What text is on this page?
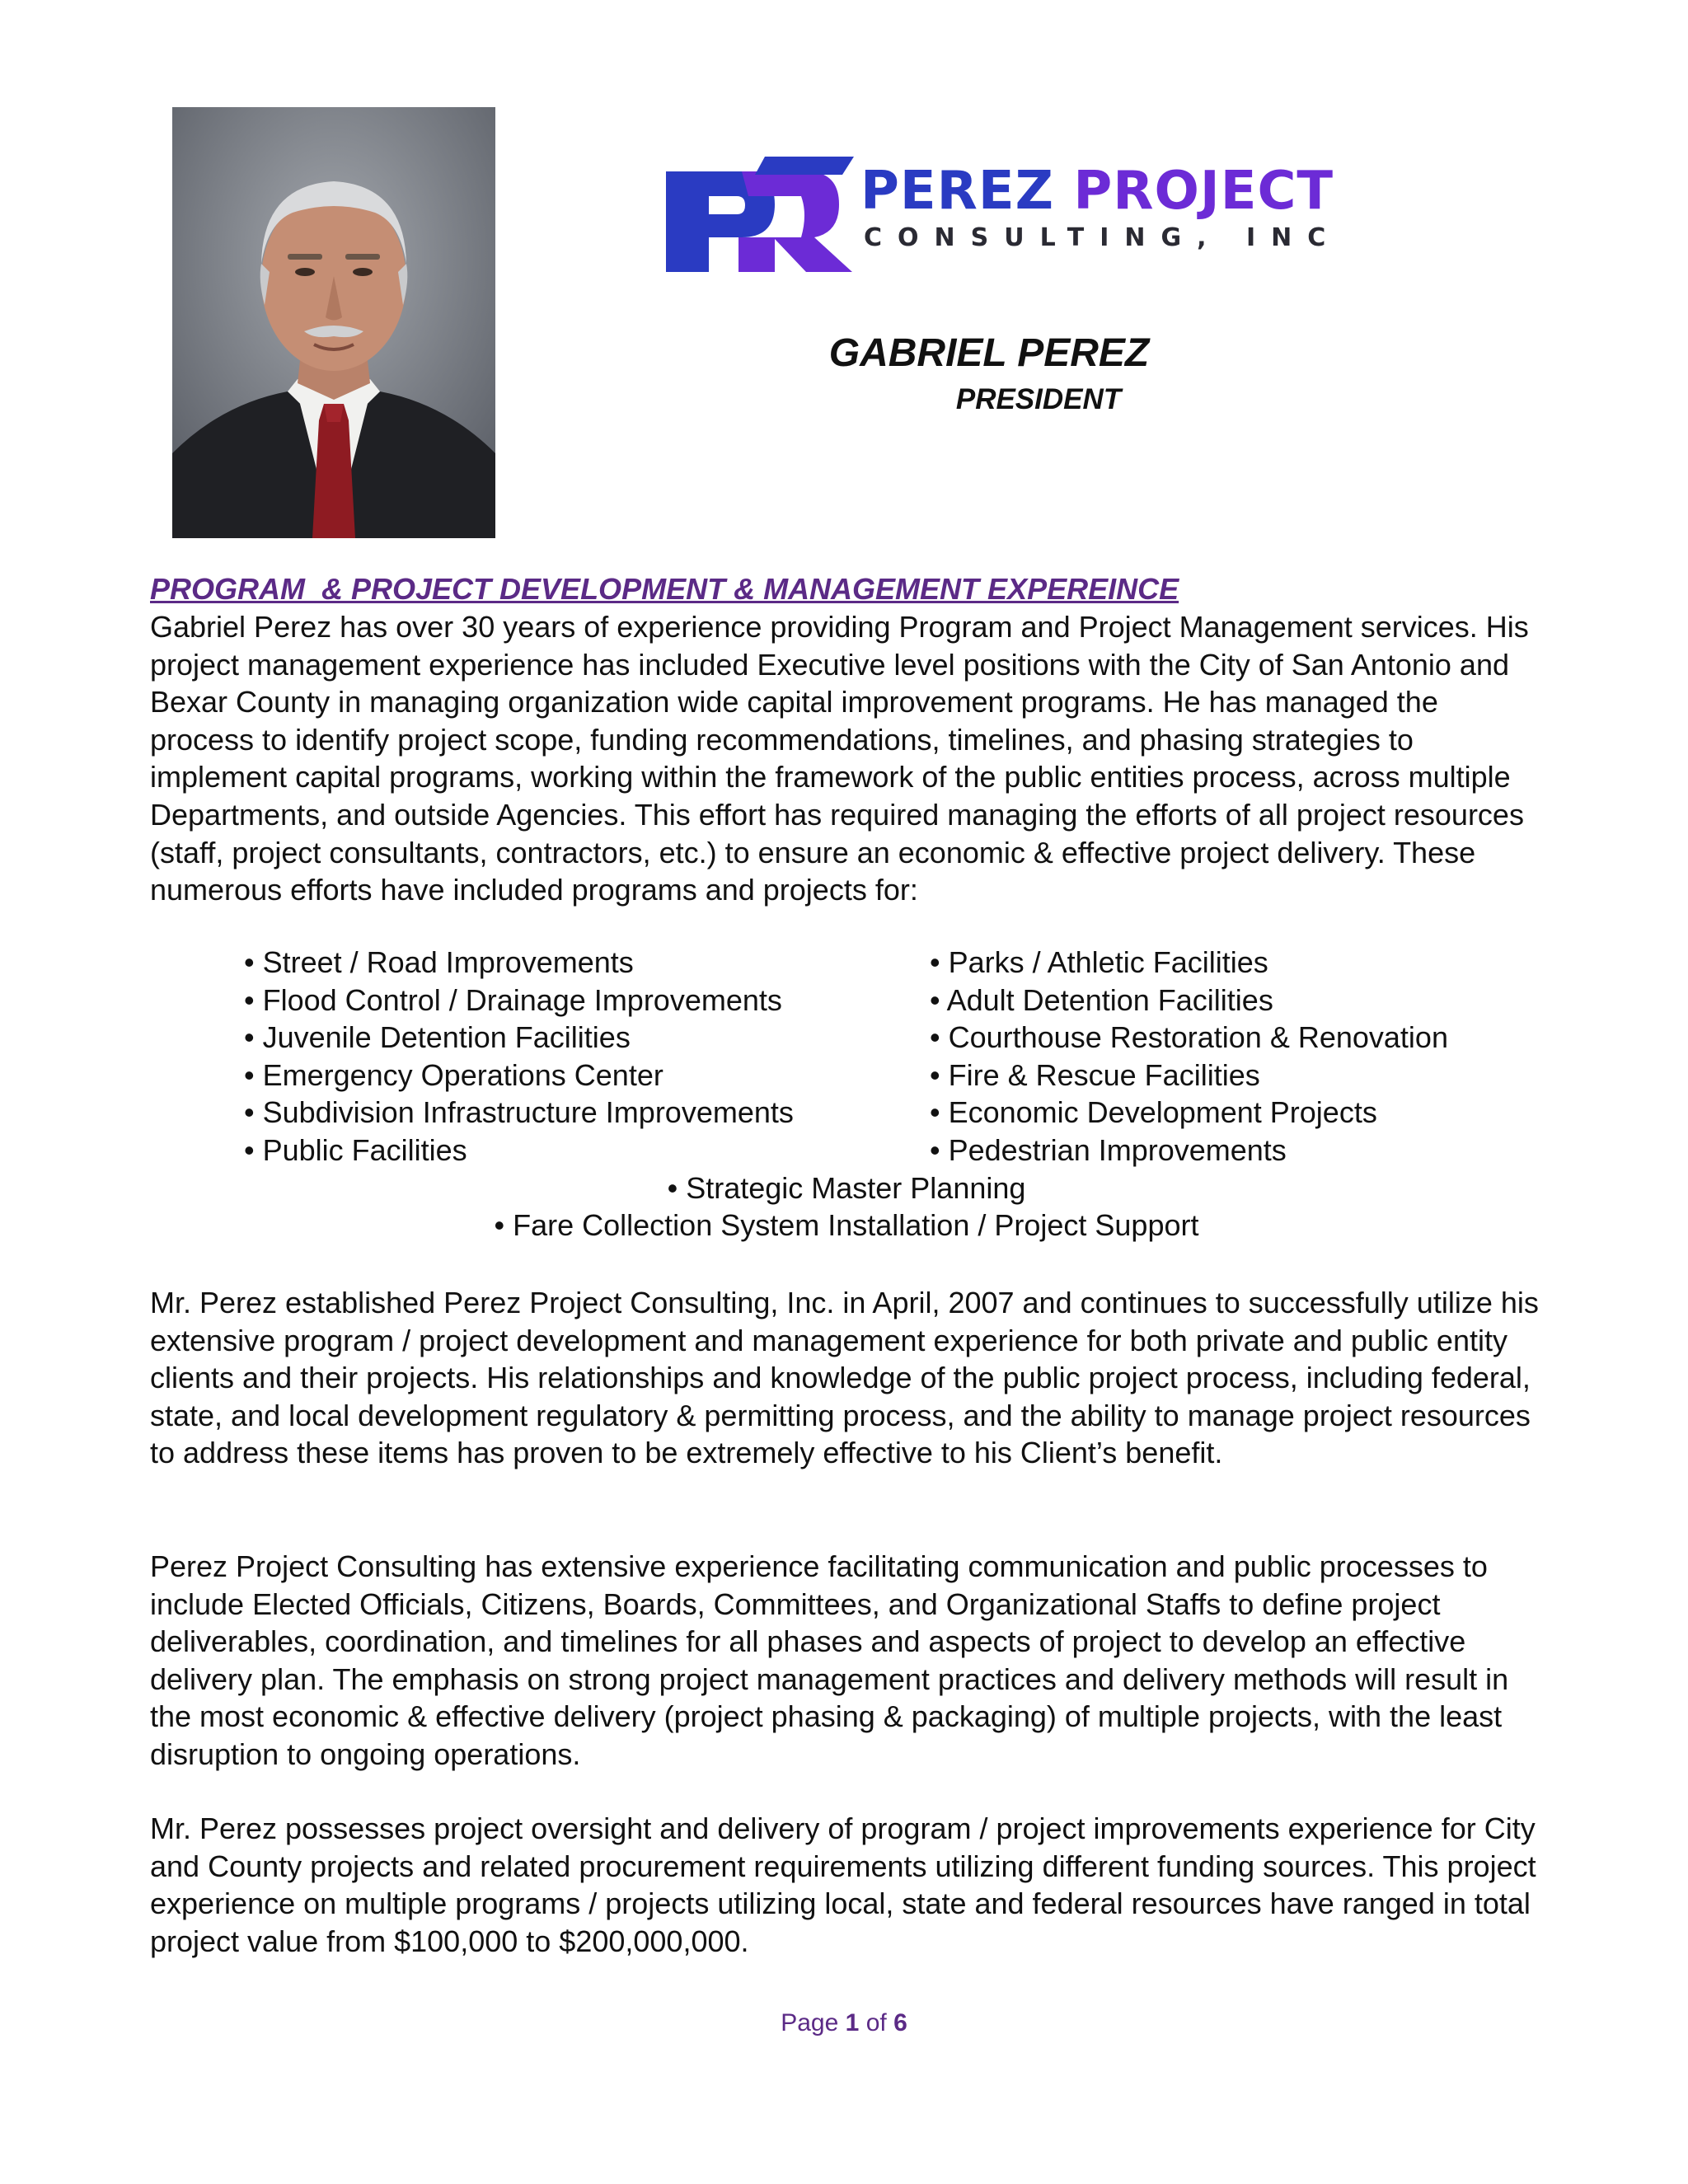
PEREZ PROJECT
CONSULTING, INC
GABRIEL PEREZ
PRESIDENT
PROGRAM  & PROJECT DEVELOPMENT & MANAGEMENT EXPEREINCE

Gabriel Perez has over 30 years of experience providing Program and Project Management services. His project management experience has included Executive level positions with the City of San Antonio and Bexar County in managing organization wide capital improvement programs. He has managed the process to identify project scope, funding recommendations, timelines, and phasing strategies to implement capital programs, working within the framework of the public entities process, across multiple Departments, and outside Agencies. This effort has required managing the efforts of all project resources (staff, project consultants, contractors, etc.) to ensure an economic & effective project delivery. These numerous efforts have included programs and projects for:

• Street / Road Improvements	• Parks / Athletic Facilities
• Flood Control / Drainage Improvements	• Adult Detention Facilities
• Juvenile Detention Facilities	• Courthouse Restoration & Renovation
• Emergency Operations Center	• Fire & Rescue Facilities
• Subdivision Infrastructure Improvements	• Economic Development Projects
• Public Facilities	• Pedestrian Improvements
• Strategic Master Planning
• Fare Collection System Installation / Project Support

Mr. Perez established Perez Project Consulting, Inc. in April, 2007 and continues to successfully utilize his extensive program / project development and management experience for both private and public entity clients and their projects. His relationships and knowledge of the public project process, including federal, state, and local development regulatory & permitting process, and the ability to manage project resources to address these items has proven to be extremely effective to his Client’s benefit.

Perez Project Consulting has extensive experience facilitating communication and public processes to include Elected Officials, Citizens, Boards, Committees, and Organizational Staffs to define project deliverables, coordination, and timelines for all phases and aspects of project to develop an effective delivery plan. The emphasis on strong project management practices and delivery methods will result in the most economic & effective delivery (project phasing & packaging) of multiple projects, with the least disruption to ongoing operations.

Mr. Perez possesses project oversight and delivery of program / project improvements experience for City and County projects and related procurement requirements utilizing different funding sources. This project experience on multiple programs / projects utilizing local, state and federal resources have ranged in total project value from $100,000 to $200,000,000.

Page 1 of 6
